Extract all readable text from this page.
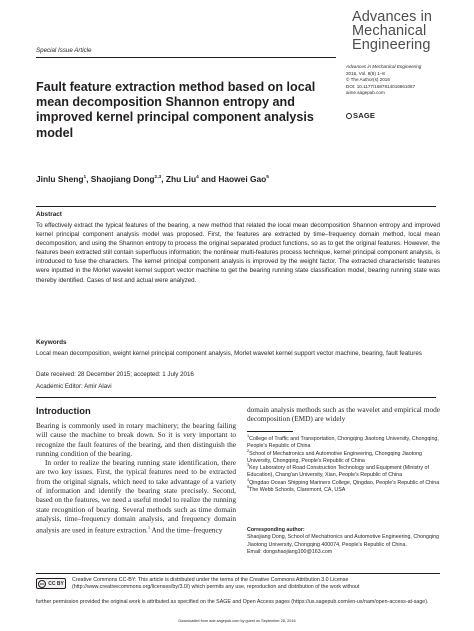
Advances in
Mechanical
Engineering
Special Issue Article
Advances in Mechanical Engineering
2016, Vol. 8(8) 1–8
© The Author(s) 2016
DOI: 10.1177/1687814016661087
aime.sagepub.com
SAGE
Fault feature extraction method based on local mean decomposition Shannon entropy and improved kernel principal component analysis model
Jinlu Sheng$^1$, Shaojiang Dong$^{2,3}$, Zhu Liu$^4$ and Haowei Gao$^5$
Abstract
To effectively extract the typical features of the bearing, a new method that related the local mean decomposition Shannon entropy and improved kernel principal component analysis model was proposed. First, the features are extracted by time–frequency domain method, local mean decomposition, and using the Shannon entropy to process the original separated product functions, so as to get the original features. However, the features been extracted still contain superfluous information; the nonlinear multi-features process technique, kernel principal component analysis, is introduced to fuse the characters. The kernel principal component analysis is improved by the weight factor. The extracted characteristic features were inputted in the Morlet wavelet kernel support vector machine to get the bearing running state classification model, bearing running state was thereby identified. Cases of test and actual were analyzed.
Keywords
Local mean decomposition, weight kernel principal component analysis, Morlet wavelet kernel support vector machine, bearing, fault features
Date received: 28 December 2015; accepted: 1 July 2016
Academic Editor: Amir Alavi
Introduction

Bearing is commonly used in rotary machinery; the bearing failing will cause the machine to break down. So it is very important to recognize the fault features of the bearing, and then distinguish the running condition of the bearing.

In order to realize the bearing running state identification, there are two key issues. First, the typical features need to be extracted from the original signals, which need to take advantage of a variety of information and identify the bearing state precisely. Second, based on the features, we need a useful model to realize the running state recognition of bearing. Several methods such as time domain analysis, time–frequency domain analysis, and frequency domain analysis are used in feature extraction.$^1$ And the time–frequency

domain analysis methods such as the wavelet and empirical mode decomposition (EMD) are widely
$^1$College of Traffic and Transportation, Chongqing Jiaotong University, Chongqing, People's Republic of China
$^2$School of Mechatronics and Automotive Engineering, Chongqing Jiaotong University, Chongqing, People's Republic of China
$^3$Key Laboratory of Road Construction Technology and Equipment (Ministry of Education), Chang'an University, Xian, People's Republic of China
$^4$Qingdao Ocean Shipping Mariners College, Qingdao, People's Republic of China
$^5$The Webb Schools, Claremont, CA, USA
Corresponding author:
Shaojiang Dong, School of Mechatronics and Automotive Engineering, Chongqing Jiaotong University, Chongqing 400074, People's Republic of China.
Email: dongshaojiang100@163.com
cc CC BY
Creative Commons CC-BY: This article is distributed under the terms of the Creative Commons Attribution 3.0 License (http://www.creativecommons.org/licenses/by/3.0/) which permits any use, reproduction and distribution of the work without
further permission provided the original work is attributed as specified on the SAGE and Open Access pages (https://us.sagepub.com/en-us/nam/open-access-at-sage).
Downloaded from ade.sagepub.com by guest on September 28, 2016
